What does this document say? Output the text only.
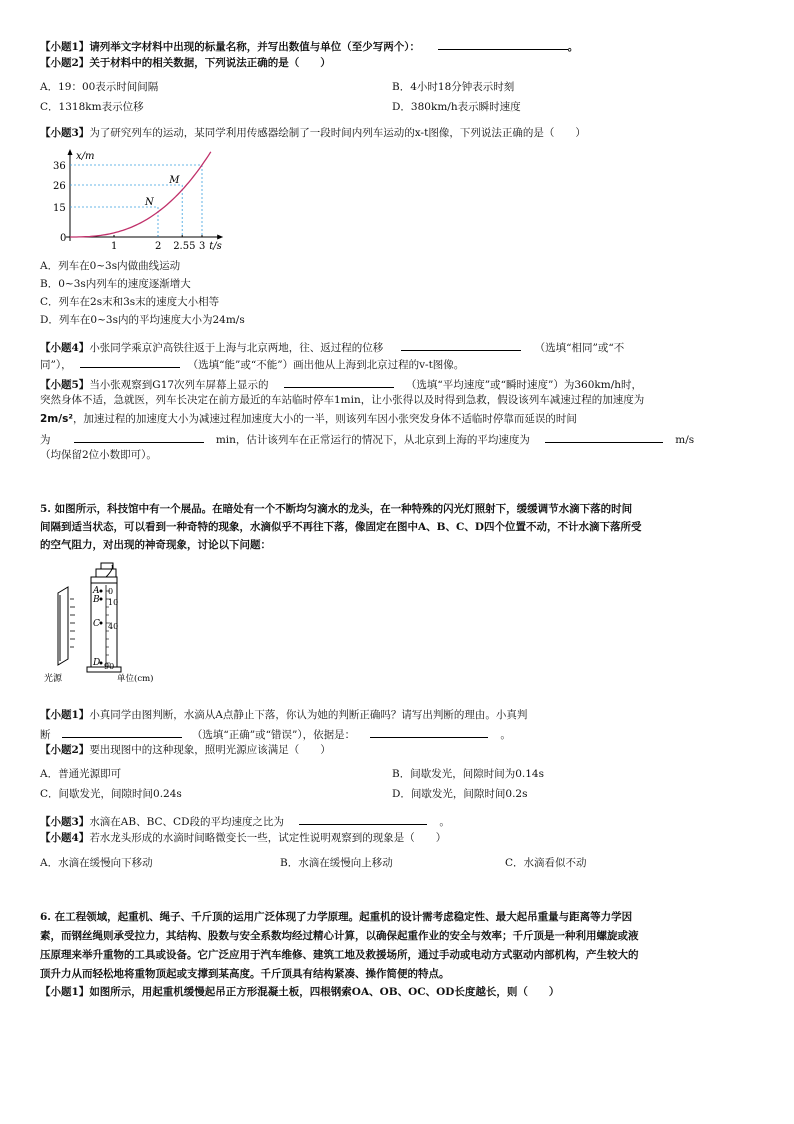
【小题1】请列举文字材料中出现的标量名称，并写出数值与单位（至少写两个）：	。
【小题2】关于材料中的相关数据，下列说法正确的是（　　）
A．19：00表示时间间隔	B．4小时18分钟表示时刻
C．1318km表示位移	D．380km/h表示瞬时速度
【小题3】为了研究列车的运动，某同学利用传感器绘制了一段时间内列车运动的x-t图像，下列说法正确的是（　　）
x/m
t/s
0
15
26
36
1	2 2.55 3
N
M
A．列车在0~3s内做曲线运动
B．0~3s内列车的速度逐渐增大
C．列车在2s末和3s末的速度大小相等
D．列车在0~3s内的平均速度大小为24m/s
【小题4】小张同学乘京沪高铁往返于上海与北京两地，往、返过程的位移	（选填“相同”或“不
同”），	（选填“能”或“不能”）画出他从上海到北京过程的v-t图像。
【小题5】当小张观察到G17次列车屏幕上显示的	（选填“平均速度”或“瞬时速度”）为360km/h时，
突然身体不适，急就医，列车长决定在前方最近的车站临时停车1min，让小张得以及时得到急救，假设该列车减速过程的加速度为
2m/s²，加速过程的加速度大小为减速过程加速度大小的一半，则该列车因小张突发身体不适临时停靠而延误的时间
为	min，估计该列车在正常运行的情况下，从北京到上海的平均速度为	m/s
（均保留2位小数即可）。
5. 如图所示，科技馆中有一个展品。在暗处有一个不断均匀滴水的龙头，在一种特殊的闪光灯照射下，缓缓调节水滴下落的时间
间隔到适当状态，可以看到一种奇特的现象，水滴似乎不再往下落，像固定在图中A、B、C、D四个位置不动，不计水滴下落所受
的空气阻力，对出现的神奇现象，讨论以下问题：
A
B
C
D
0
10
40
90
光源	单位(cm)
【小题1】小真同学由图判断，水滴从A点静止下落，你认为她的判断正确吗？请写出判断的理由。小真判
断	（选填“正确”或“错误”），依据是：	。
【小题2】要出现图中的这种现象，照明光源应该满足（　　）
A．普通光源即可	B．间歇发光，间隙时间为0.14s
C．间歇发光，间隙时间0.24s	D．间歇发光，间隙时间0.2s
【小题3】水滴在AB、BC、CD段的平均速度之比为	。
【小题4】若水龙头形成的水滴时间略微变长一些，试定性说明观察到的现象是（　　）
A．水滴在缓慢向下移动	B．水滴在缓慢向上移动	C．水滴看似不动
6. 在工程领域，起重机、绳子、千斤顶的运用广泛体现了力学原理。起重机的设计需考虑稳定性、最大起吊重量与距离等力学因
素，而钢丝绳则承受拉力，其结构、股数与安全系数均经过精心计算，以确保起重作业的安全与效率；千斤顶是一种利用螺旋或液
压原理来举升重物的工具或设备。它广泛应用于汽车维修、建筑工地及救援场所，通过手动或电动方式驱动内部机构，产生较大的
顶升力从而轻松地将重物顶起或支撑到某高度。千斤顶具有结构紧凑、操作简便的特点。
【小题1】如图所示，用起重机缓慢起吊正方形混凝土板，四根钢索OA、OB、OC、OD长度越长，则（　　）
